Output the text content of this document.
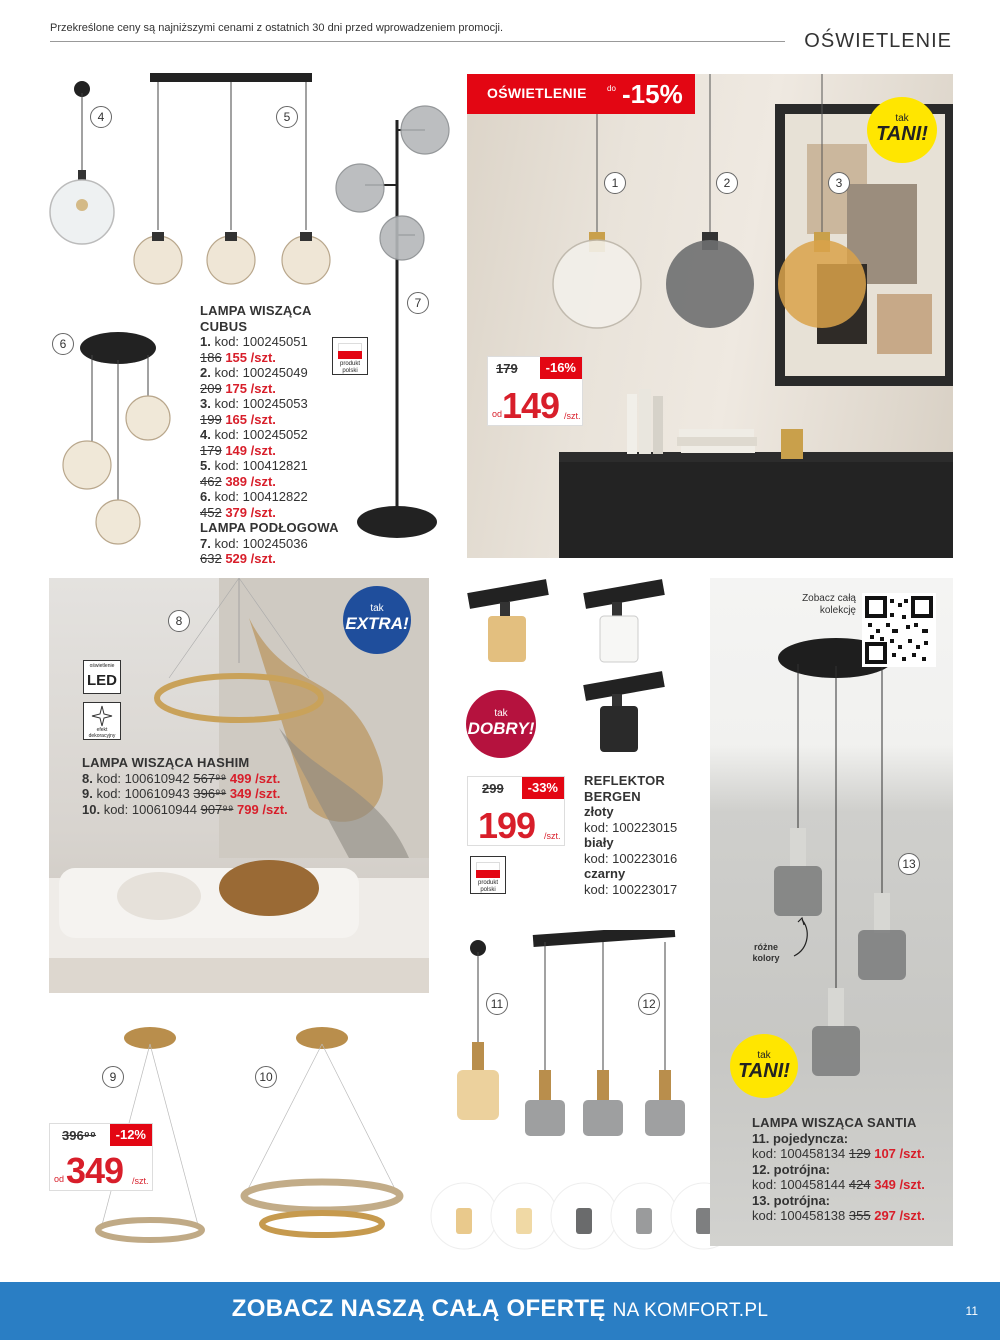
Przekreślone ceny są najniższymi cenami z ostatnich 30 dni przed wprowadzeniem promocji.
OŚWIETLENIE
4	5
6
7
LAMPA WISZĄCA CUBUS
1. kod: 100245051
186 155 /szt.
2. kod: 100245049
209 175 /szt.
3. kod: 100245053
199 165 /szt.
4. kod: 100245052
179 149 /szt.
5. kod: 100412821
462 389 /szt.
6. kod: 100412822
452 379 /szt.
LAMPA PODŁOGOWA
7. kod: 100245036
632 529 /szt.
produkt polski
OŚWIETLENIE -15%
do
tak
TANI!
1	2	3
179	-16%
od 149 /szt.
oświetlenie
LED
efekt dekoracyjny
8
tak
EXTRA!
LAMPA WISZĄCA HASHIM
8. kod: 100610942 567⁹⁹ 499 /szt.
9. kod: 100610943 396⁹⁹ 349 /szt.
10. kod: 100610944 907⁹⁹ 799 /szt.
9	10
396⁹⁹	-12%
od 349 /szt.
tak
DOBRY!
299	-33%
199 /szt.
produkt polski
REFLEKTOR
BERGEN
złoty
kod: 100223015
biały
kod: 100223016
czarny
kod: 100223017
11	12
Zobacz całą kolekcję
różne kolory
13
tak
TANI!
LAMPA WISZĄCA SANTIA
11. pojedyncza:
kod: 100458134 129 107 /szt.
12. potrójna:
kod: 100458144 424 349 /szt.
13. potrójna:
kod: 100458138 355 297 /szt.
ZOBACZ NASZĄ CAŁĄ OFERTĘ NA KOMFORT.PL	11
